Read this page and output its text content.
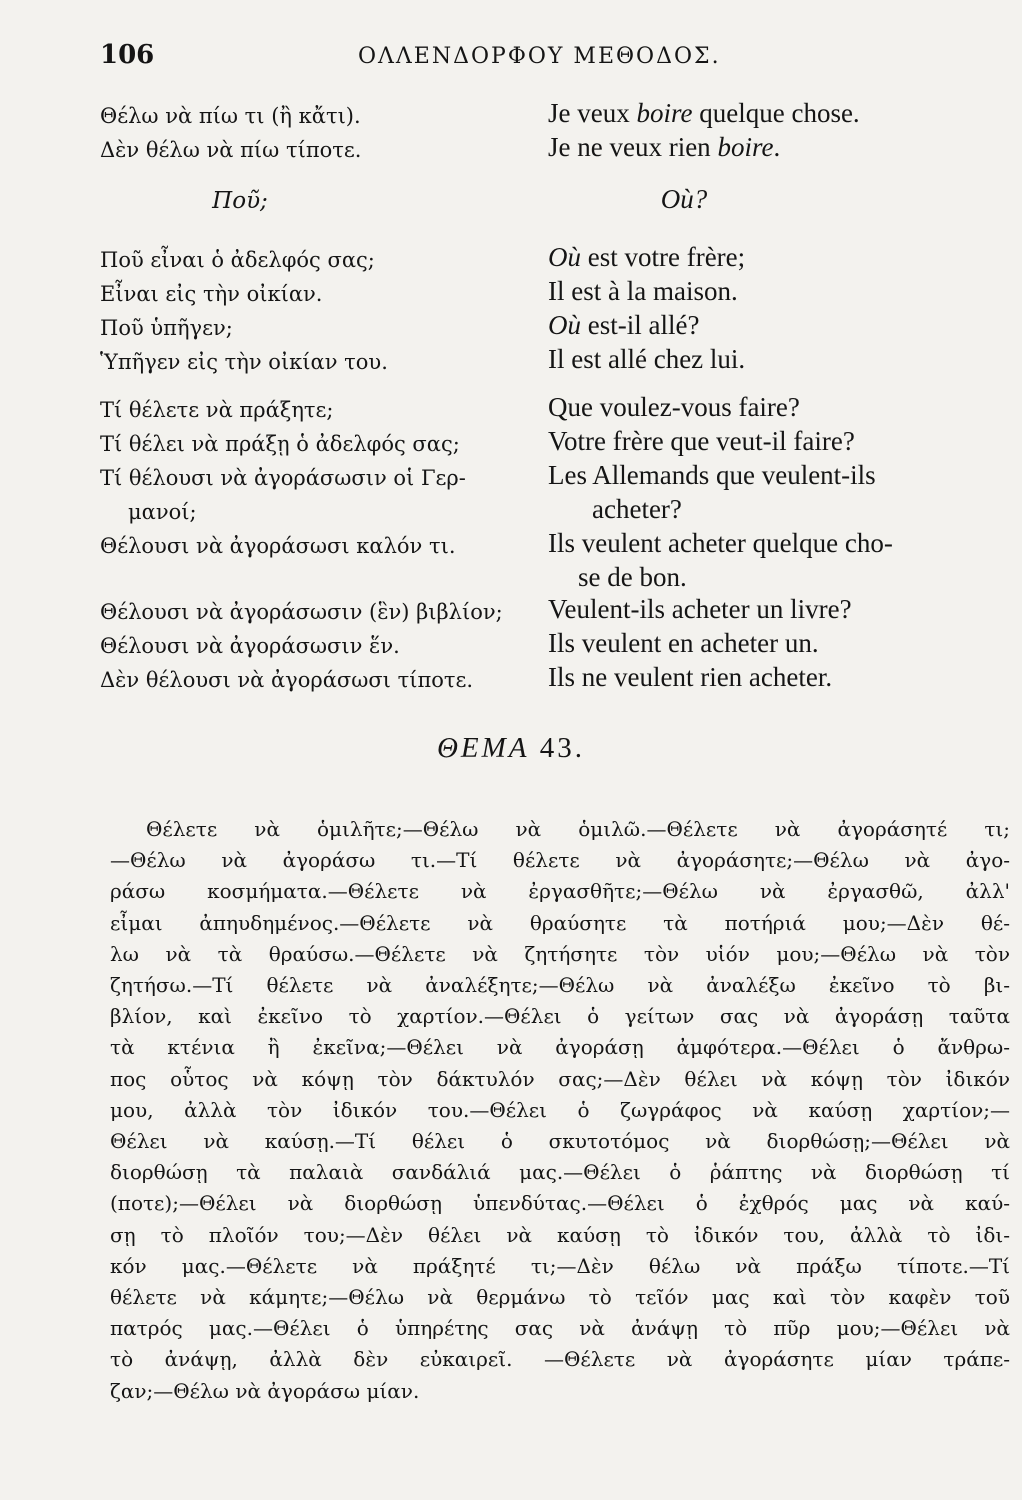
106	ΟΛΛΕΝΔΟΡΦΟΥ ΜΕΘΟΔΟΣ.
Θέλω νὰ πίω τι (ἢ κἄτι).
Δὲν θέλω νὰ πίω τίποτε.
Je veux boire quelque chose.
Je ne veux rien boire.
Ποῦ;	Où?
Ποῦ εἶναι ὁ ἀδελφός σας;
Εἶναι εἰς τὴν οἰκίαν.
Ποῦ ὑπῆγεν;
Ὑπῆγεν εἰς τὴν οἰκίαν του.
Où est votre frère;
Il est à la maison.
Où est-il allé?
Il est allé chez lui.
Τί θέλετε νὰ πράξητε;
Τί θέλει νὰ πράξῃ ὁ ἀδελφός σας;
Τί θέλουσι νὰ ἀγοράσωσιν οἱ Γερ-
μανοί;
Θέλουσι νὰ ἀγοράσωσι καλόν τι.
Que voulez-vous faire?
Votre frère que veut-il faire?
Les Allemands que veulent-ils
acheter?
Ils veulent acheter quelque cho-
se de bon.
Θέλουσι νὰ ἀγοράσωσιν (ἓν) βιβλίον;
Θέλουσι νὰ ἀγοράσωσιν ἕν.
Δὲν θέλουσι νὰ ἀγοράσωσι τίποτε.
Veulent-ils acheter un livre?
Ils veulent en acheter un.
Ils ne veulent rien acheter.
ΘΕΜΑ 43.
Θέλετε νὰ ὁμιλῆτε;—Θέλω νὰ ὁμιλῶ.—Θέλετε νὰ ἀγοράσητέ τι;
—Θέλω νὰ ἀγοράσω τι.—Τί θέλετε νὰ ἀγοράσητε;—Θέλω νὰ ἀγο-
ράσω κοσμήματα.—Θέλετε νὰ ἐργασθῆτε;—Θέλω νὰ ἐργασθῶ, ἀλλ'
εἶμαι ἀπηυδημένος.—Θέλετε νὰ θραύσητε τὰ ποτήριά μου;—Δὲν θέ-
λω νὰ τὰ θραύσω.—Θέλετε νὰ ζητήσητε τὸν υἱόν μου;—Θέλω νὰ τὸν
ζητήσω.—Τί θέλετε νὰ ἀναλέξητε;—Θέλω νὰ ἀναλέξω ἐκεῖνο τὸ βι-
βλίον, καὶ ἐκεῖνο τὸ χαρτίον.—Θέλει ὁ γείτων σας νὰ ἀγοράσῃ ταῦτα
τὰ κτένια ἢ ἐκεῖνα;—Θέλει νὰ ἀγοράσῃ ἀμφότερα.—Θέλει ὁ ἄνθρω-
πος οὗτος νὰ κόψῃ τὸν δάκτυλόν σας;—Δὲν θέλει νὰ κόψῃ τὸν ἰδικόν
μου, ἀλλὰ τὸν ἰδικόν του.—Θέλει ὁ ζωγράφος νὰ καύσῃ χαρτίον;—
Θέλει νὰ καύσῃ.—Τί θέλει ὁ σκυτοτόμος νὰ διορθώσῃ;—Θέλει νὰ
διορθώσῃ τὰ παλαιὰ σανδάλιά μας.—Θέλει ὁ ῥάπτης νὰ διορθώσῃ τί
(ποτε);—Θέλει νὰ διορθώσῃ ὑπενδύτας.—Θέλει ὁ ἐχθρός μας νὰ καύ-
σῃ τὸ πλοῖόν του;—Δὲν θέλει νὰ καύσῃ τὸ ἰδικόν του, ἀλλὰ τὸ ἰδι-
κόν μας.—Θέλετε νὰ πράξητέ τι;—Δὲν θέλω νὰ πράξω τίποτε.—Τί
θέλετε νὰ κάμητε;—Θέλω νὰ θερμάνω τὸ τεῖόν μας καὶ τὸν καφὲν τοῦ
πατρός μας.—Θέλει ὁ ὑπηρέτης σας νὰ ἀνάψῃ τὸ πῦρ μου;—Θέλει νὰ
τὸ ἀνάψῃ, ἀλλὰ δὲν εὐκαιρεῖ. —Θέλετε νὰ ἀγοράσητε μίαν τράπε-
ζαν;—Θέλω νὰ ἀγοράσω μίαν.
